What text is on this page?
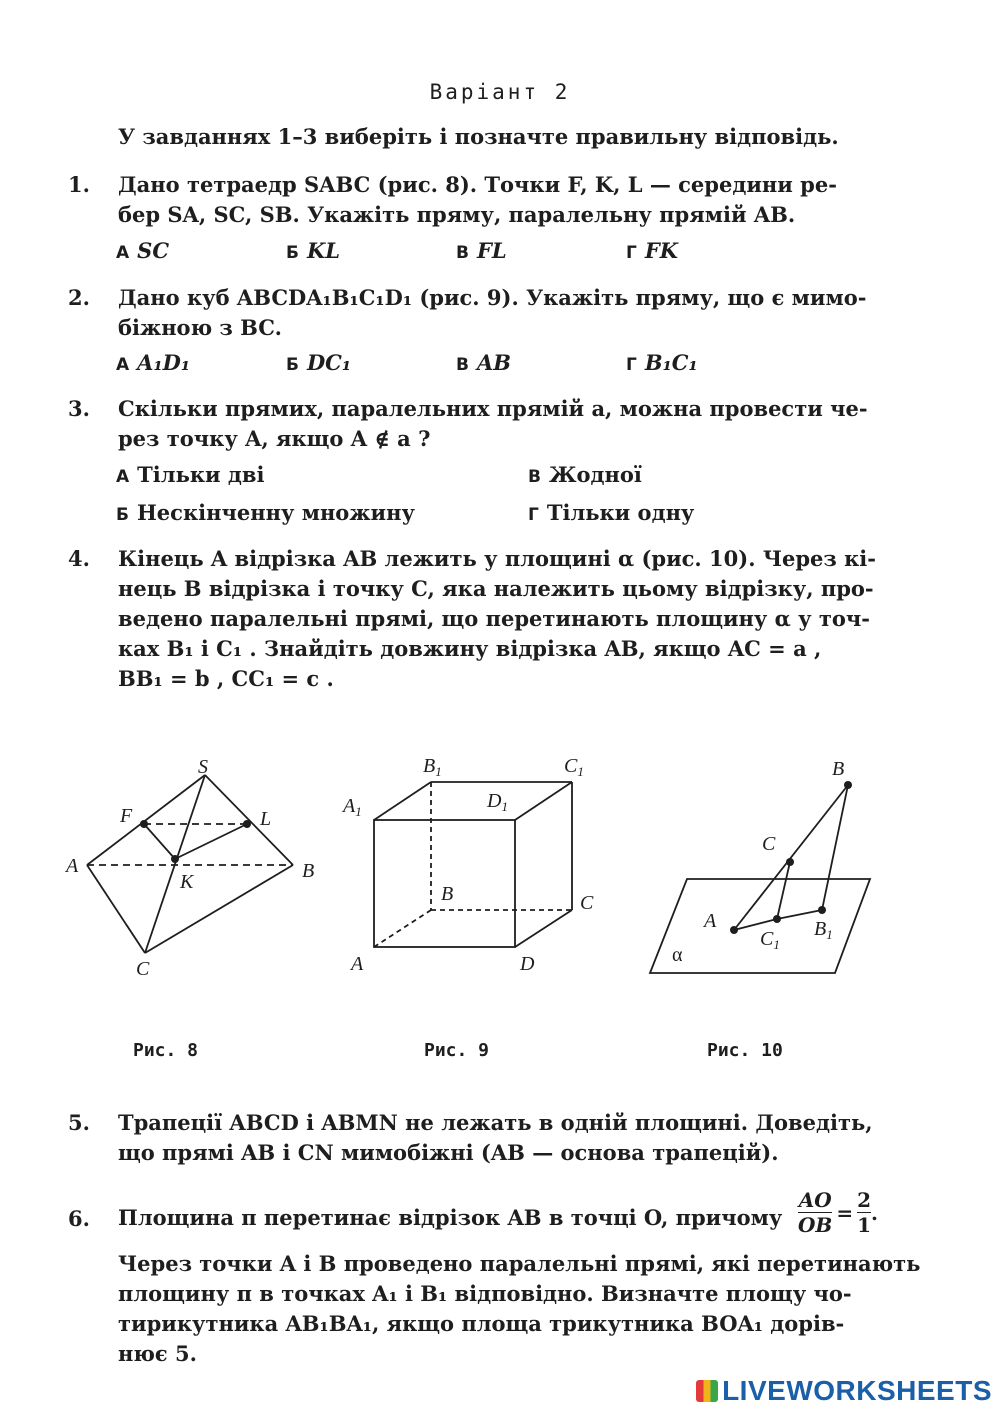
Варіант 2
У завданнях 1–3 виберіть і позначте правильну відповідь.
1. Дано тетраедр SABC (рис. 8). Точки F, K, L — середини ре-
бер SA, SC, SB. Укажіть пряму, паралельну прямій AB.
А SC	Б KL	В FL	Г FK
2. Дано куб ABCDA₁B₁C₁D₁ (рис. 9). Укажіть пряму, що є мимо-
біжною з BC.
А A₁D₁	Б DC₁	В AB	Г B₁C₁
3. Скільки прямих, паралельних прямій a, можна провести че-
рез точку A, якщо A ∉ a ?
А Тільки дві	В Жодної
Б Нескінченну множину	Г Тільки одну
4. Кінець A відрізка AB лежить у площині α (рис. 10). Через кі-
нець B відрізка і точку C, яка належить цьому відрізку, про-
ведено паралельні прямі, що перетинають площину α у точ-
ках B₁ і C₁ . Знайдіть довжину відрізка AB, якщо AC = a ,
BB₁ = b , CC₁ = c .
S
F	L
A
K	B
C
$B_1$	$C_1$
$A_1$	$D_1$
B	C
A	D
B
C
A
$C_1$
$B_1$
α
Рис. 8	Рис. 9	Рис. 10
5. Трапеції ABCD і ABMN не лежать в одній площині. Доведіть,
що прямі AB і CN мимобіжні (AB — основа трапецій).
6. Площина π перетинає відрізок AB в точці O, причому
AO
OB
=
2
1
.
Через точки A і B проведено паралельні прямі, які перетинають
площину π в точках A₁ і B₁ відповідно. Визначте площу чо-
тирикутника AB₁BA₁, якщо площа трикутника BOA₁ дорів-
нює 5.
LIVEWORKSHEETS
